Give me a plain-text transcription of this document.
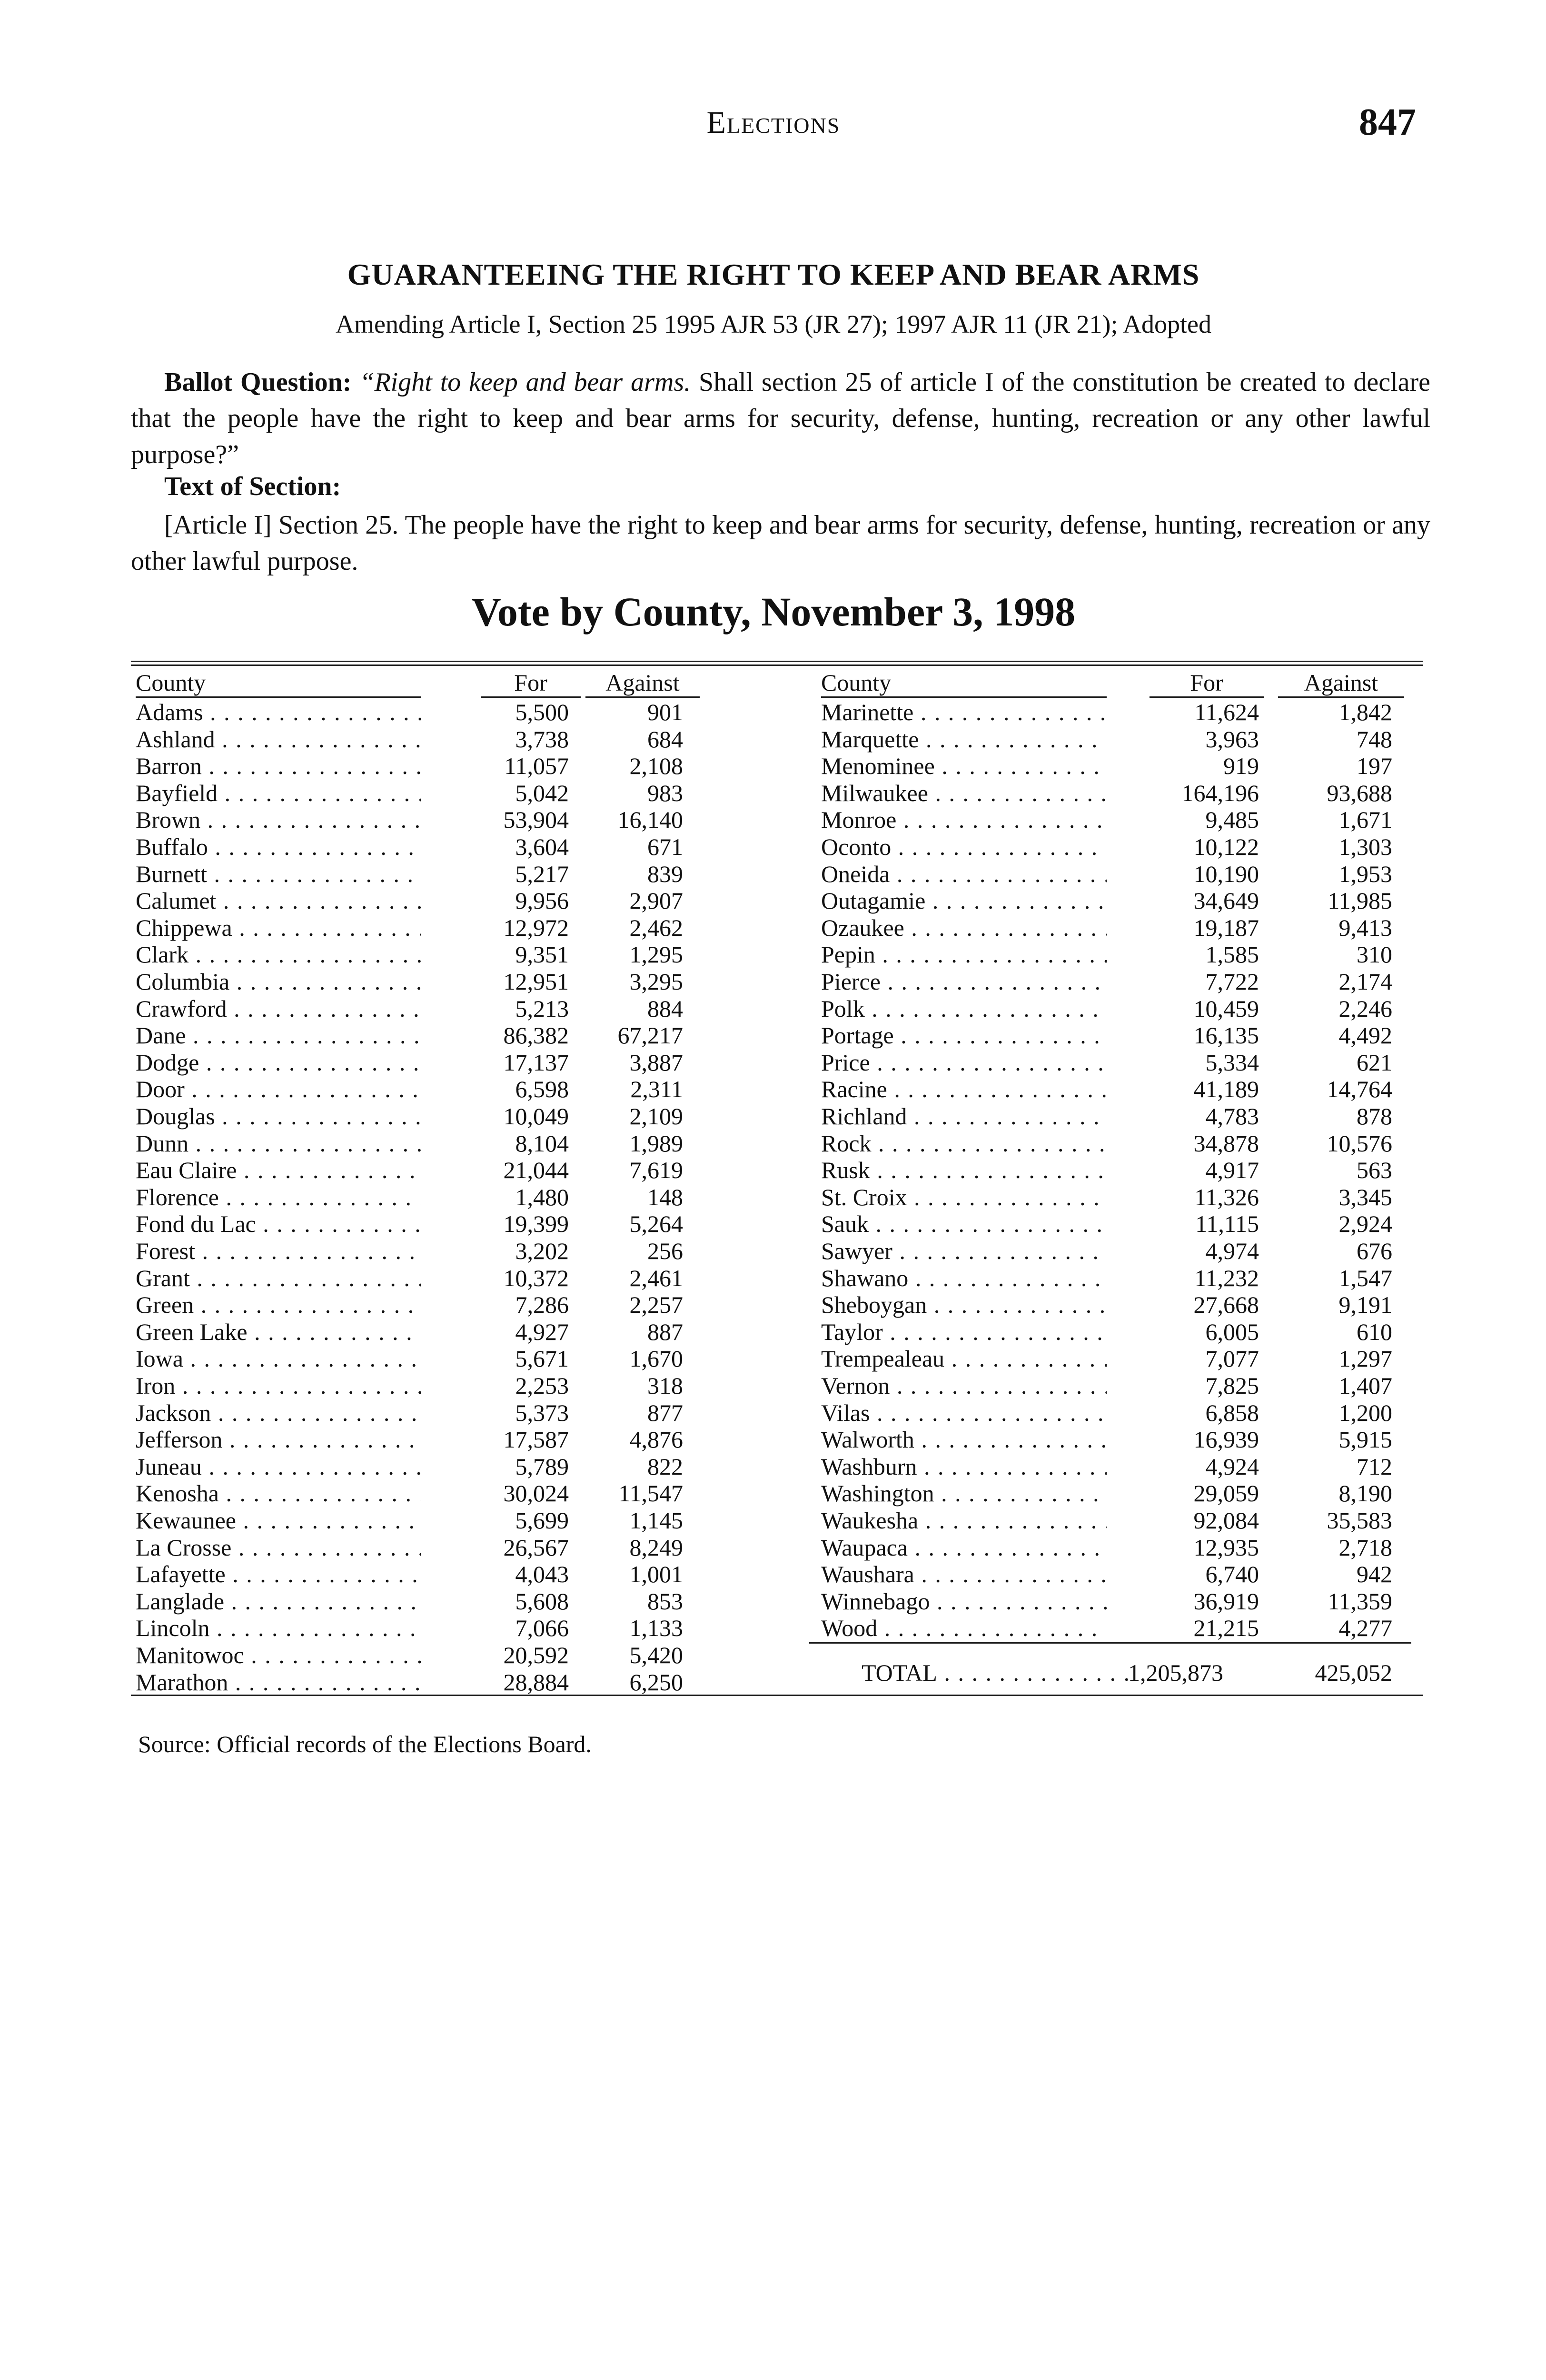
Elections	847
GUARANTEEING THE RIGHT TO KEEP AND BEAR ARMS
Amending Article I, Section 25 1995 AJR 53 (JR 27); 1997 AJR 11 (JR 21); Adopted
Ballot Question: “Right to keep and bear arms. Shall section 25 of article I of the constitution be created to declare that the people have the right to keep and bear arms for security, defense, hunting, recreation or any other lawful purpose?”
Text of Section:
[Article I] Section 25. The people have the right to keep and bear arms for security, defense, hunting, recreation or any other lawful purpose.
Vote by County, November 3, 1998
County	For	Against	County	For	Against
Adams . . .	5,500	901
Ashland . . .	3,738	684
Barron . . .	11,057	2,108
Bayfield . . .	5,042	983
Brown . . .	53,904	16,140
Buffalo . . .	3,604	671
Burnett . . .	5,217	839
Calumet . . .	9,956	2,907
Chippewa . . .	12,972	2,462
Clark . . .	9,351	1,295
Columbia . . .	12,951	3,295
Crawford . . .	5,213	884
Dane . . .	86,382	67,217
Dodge . . .	17,137	3,887
Door . . .	6,598	2,311
Douglas . . .	10,049	2,109
Dunn . . .	8,104	1,989
Eau Claire . . .	21,044	7,619
Florence . . .	1,480	148
Fond du Lac . . .	19,399	5,264
Forest . . .	3,202	256
Grant . . .	10,372	2,461
Green . . .	7,286	2,257
Green Lake . . .	4,927	887
Iowa . . .	5,671	1,670
Iron . . .	2,253	318
Jackson . . .	5,373	877
Jefferson . . .	17,587	4,876
Juneau . . .	5,789	822
Kenosha . . .	30,024	11,547
Kewaunee . . .	5,699	1,145
La Crosse . . .	26,567	8,249
Lafayette . . .	4,043	1,001
Langlade . . .	5,608	853
Lincoln . . .	7,066	1,133
Manitowoc . . .	20,592	5,420
Marathon . . .	28,884	6,250
Marinette . . .	11,624	1,842
Marquette . . .	3,963	748
Menominee . . .	919	197
Milwaukee . . .	164,196	93,688
Monroe . . .	9,485	1,671
Oconto . . .	10,122	1,303
Oneida . . .	10,190	1,953
Outagamie . . .	34,649	11,985
Ozaukee . . .	19,187	9,413
Pepin . . .	1,585	310
Pierce . . .	7,722	2,174
Polk . . .	10,459	2,246
Portage . . .	16,135	4,492
Price . . .	5,334	621
Racine . . .	41,189	14,764
Richland . . .	4,783	878
Rock . . .	34,878	10,576
Rusk . . .	4,917	563
St. Croix . . .	11,326	3,345
Sauk . . .	11,115	2,924
Sawyer . . .	4,974	676
Shawano . . .	11,232	1,547
Sheboygan . . .	27,668	9,191
Taylor . . .	6,005	610
Trempealeau . . .	7,077	1,297
Vernon . . .	7,825	1,407
Vilas . . .	6,858	1,200
Walworth . . .	16,939	5,915
Washburn . . .	4,924	712
Washington . . .	29,059	8,190
Waukesha . . .	92,084	35,583
Waupaca . . .	12,935	2,718
Waushara . . .	6,740	942
Winnebago . . .	36,919	11,359
Wood . . .	21,215	4,277
TOTAL . . .	1,205,873	425,052
Source: Official records of the Elections Board.
